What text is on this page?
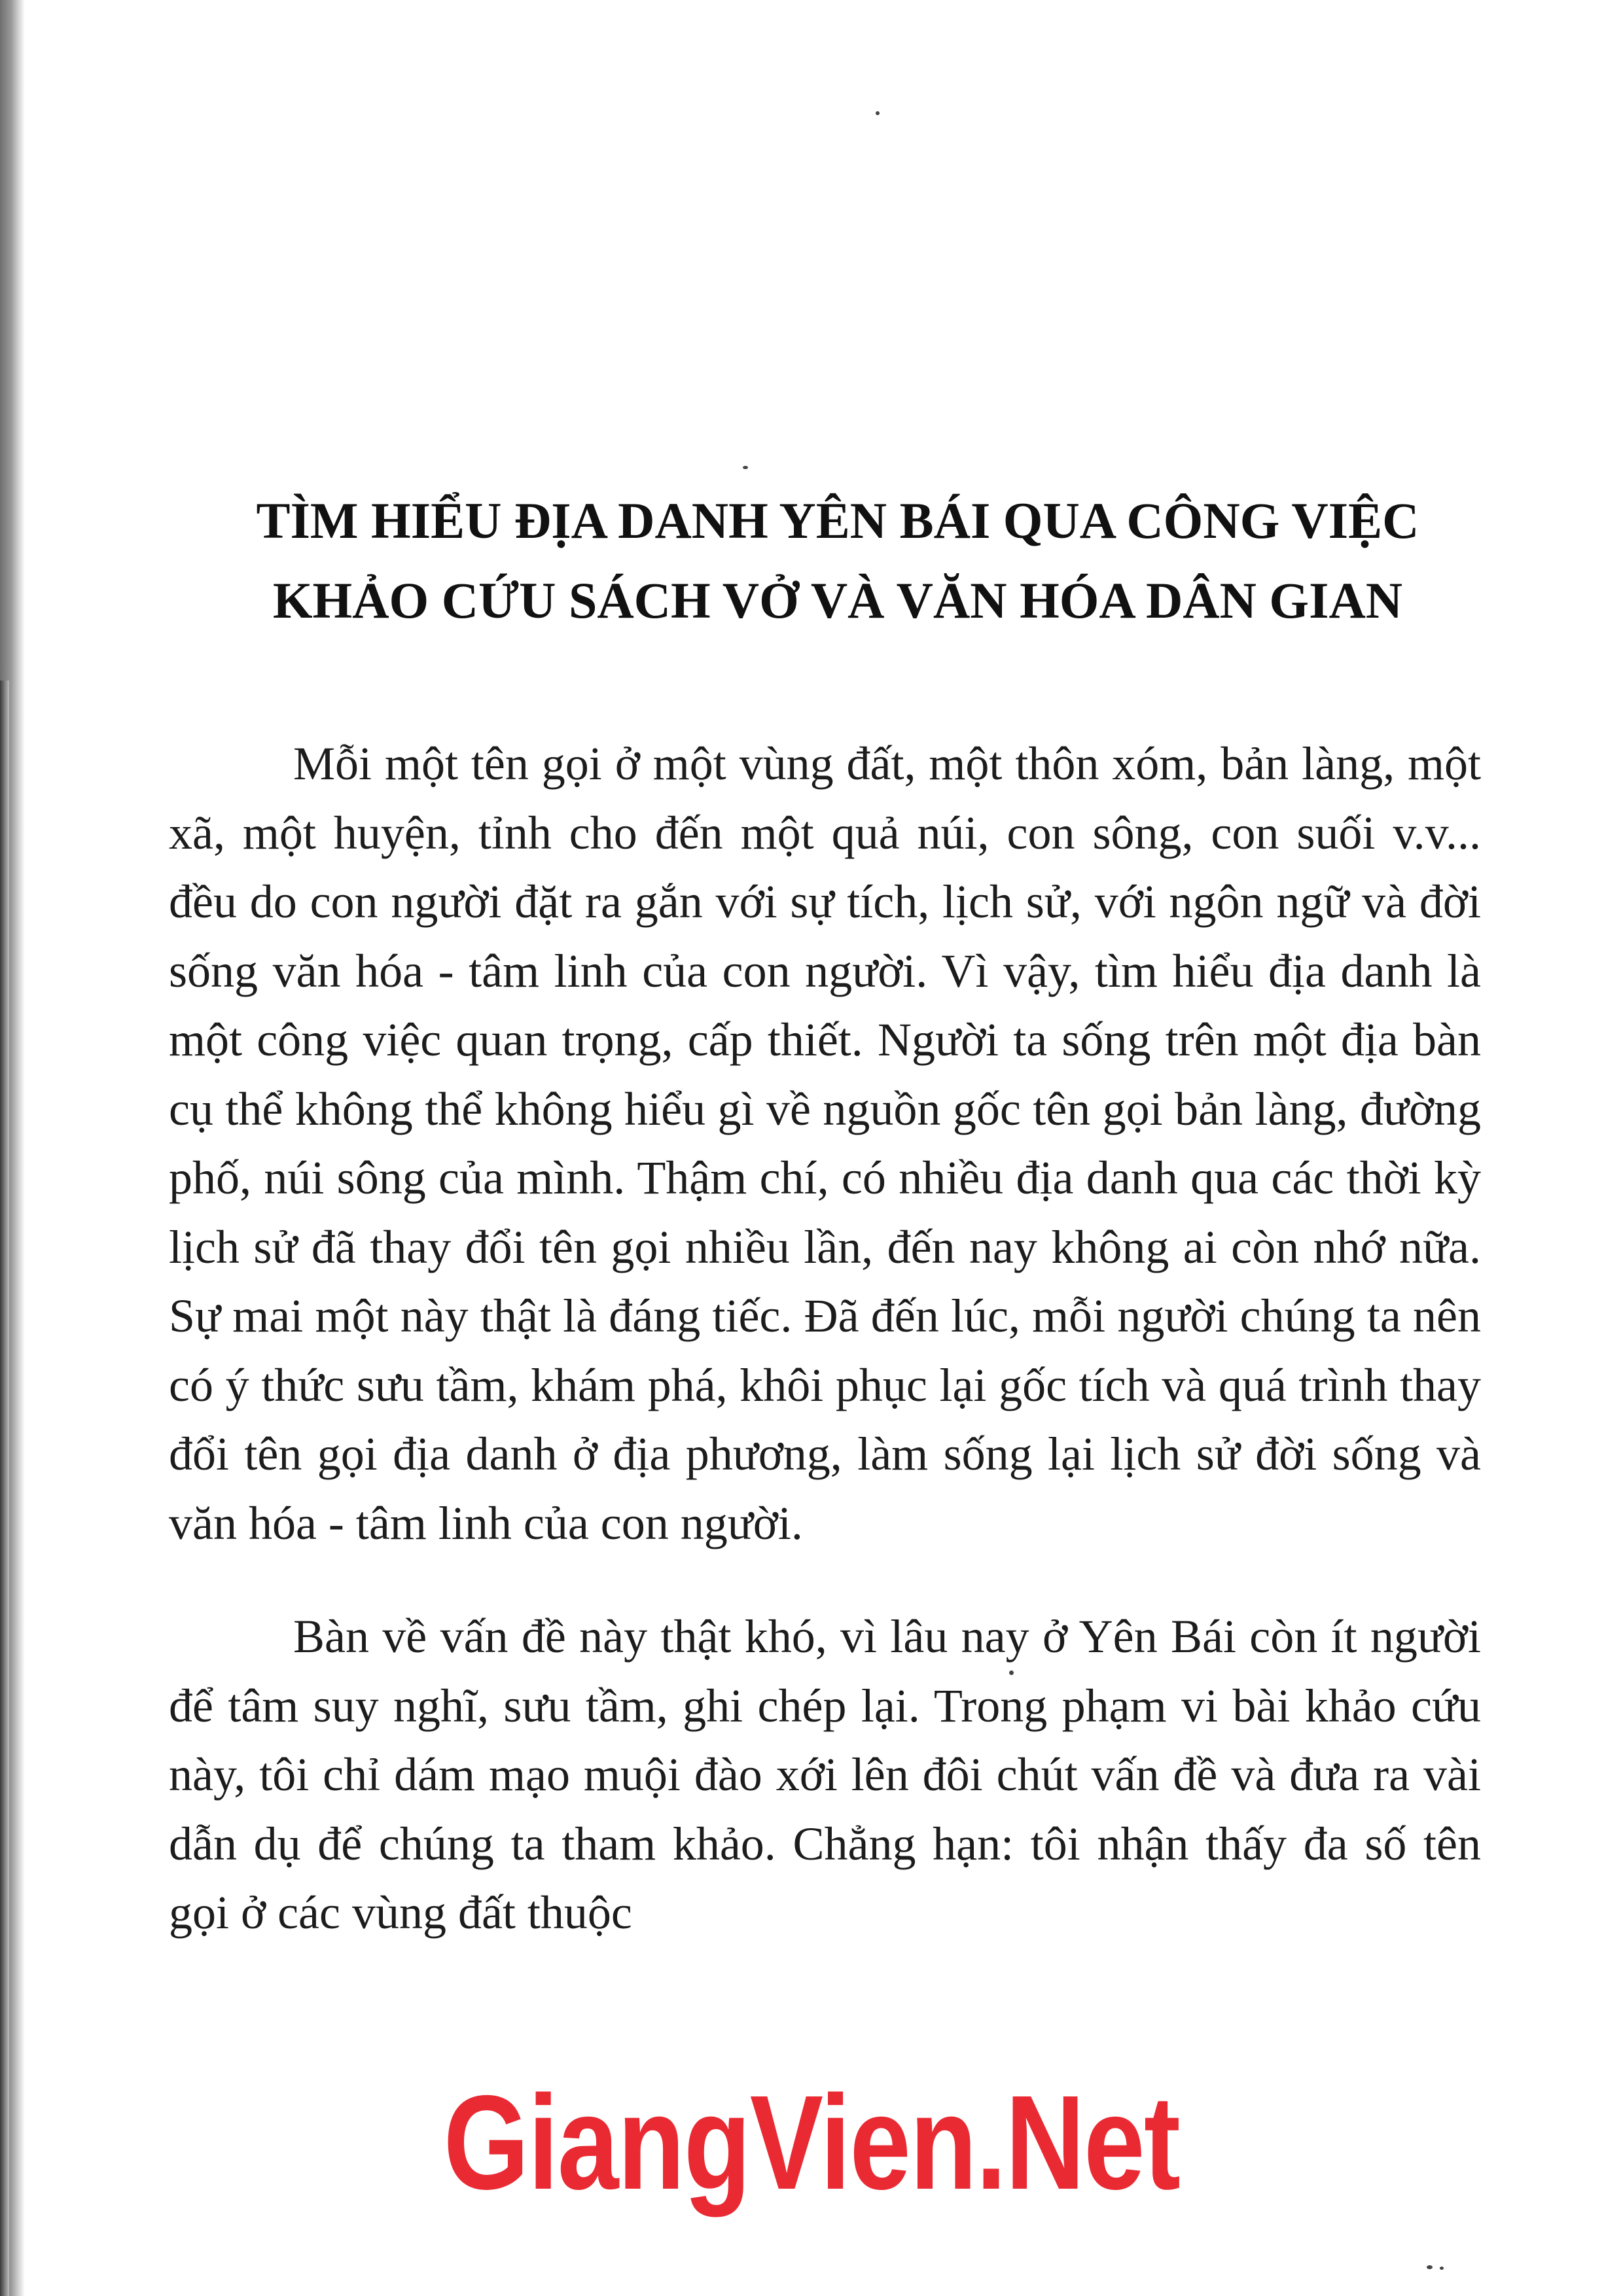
TÌM HIỂU ĐỊA DANH YÊN BÁI QUA CÔNG VIỆC
KHẢO CỨU SÁCH VỞ VÀ VĂN HÓA DÂN GIAN

Mỗi một tên gọi ở một vùng đất, một thôn xóm, bản làng, một xã, một huyện, tỉnh cho đến một quả núi, con sông, con suối v.v... đều do con người đặt ra gắn với sự tích, lịch sử, với ngôn ngữ và đời sống văn hóa - tâm linh của con người. Vì vậy, tìm hiểu địa danh là một công việc quan trọng, cấp thiết. Người ta sống trên một địa bàn cụ thể không thể không hiểu gì về nguồn gốc tên gọi bản làng, đường phố, núi sông của mình. Thậm chí, có nhiều địa danh qua các thời kỳ lịch sử đã thay đổi tên gọi nhiều lần, đến nay không ai còn nhớ nữa. Sự mai một này thật là đáng tiếc. Đã đến lúc, mỗi người chúng ta nên có ý thức sưu tầm, khám phá, khôi phục lại gốc tích và quá trình thay đổi tên gọi địa danh ở địa phương, làm sống lại lịch sử đời sống và văn hóa - tâm linh của con người.

Bàn về vấn đề này thật khó, vì lâu nay ở Yên Bái còn ít người để tâm suy nghĩ, sưu tầm, ghi chép lại. Trong phạm vi bài khảo cứu này, tôi chỉ dám mạo muội đào xới lên đôi chút vấn đề và đưa ra vài dẫn dụ để chúng ta tham khảo. Chẳng hạn: tôi nhận thấy đa số tên gọi ở các vùng đất thuộc

GiangVien.Net
